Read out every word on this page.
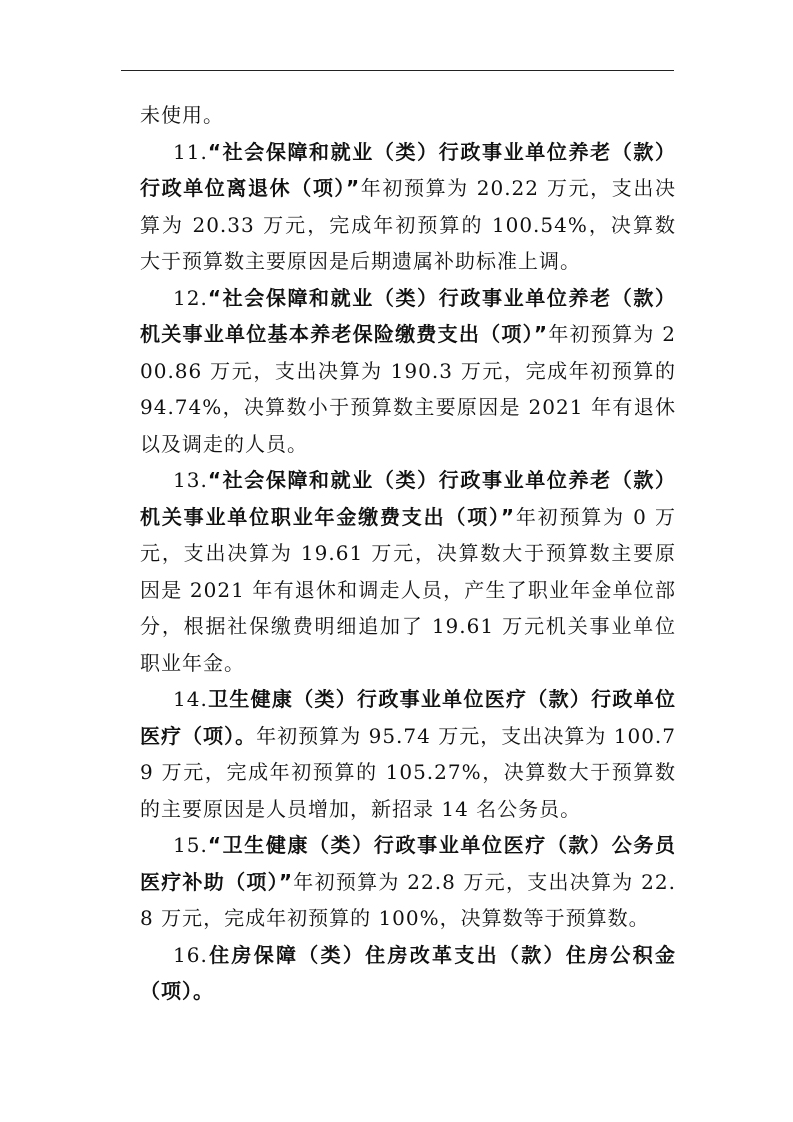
未使用。

11.“社会保障和就业（类）行政事业单位养老（款）行政单位离退休（项）”年初预算为 20.22 万元，支出决算为 20.33 万元，完成年初预算的 100.54%，决算数大于预算数主要原因是后期遗属补助标准上调。

12.“社会保障和就业（类）行政事业单位养老（款）机关事业单位基本养老保险缴费支出（项）”年初预算为 200.86 万元，支出决算为 190.3 万元，完成年初预算的 94.74%，决算数小于预算数主要原因是 2021 年有退休以及调走的人员。

13.“社会保障和就业（类）行政事业单位养老（款）机关事业单位职业年金缴费支出（项）”年初预算为 0 万元，支出决算为 19.61 万元，决算数大于预算数主要原因是 2021 年有退休和调走人员，产生了职业年金单位部分，根据社保缴费明细追加了 19.61 万元机关事业单位职业年金。

14.卫生健康（类）行政事业单位医疗（款）行政单位医疗（项）。年初预算为 95.74 万元，支出决算为 100.79 万元，完成年初预算的 105.27%，决算数大于预算数的主要原因是人员增加，新招录 14 名公务员。

15.“卫生健康（类）行政事业单位医疗（款）公务员医疗补助（项）”年初预算为 22.8 万元，支出决算为 22.8 万元，完成年初预算的 100%，决算数等于预算数。

16.住房保障（类）住房改革支出（款）住房公积金（项）。
